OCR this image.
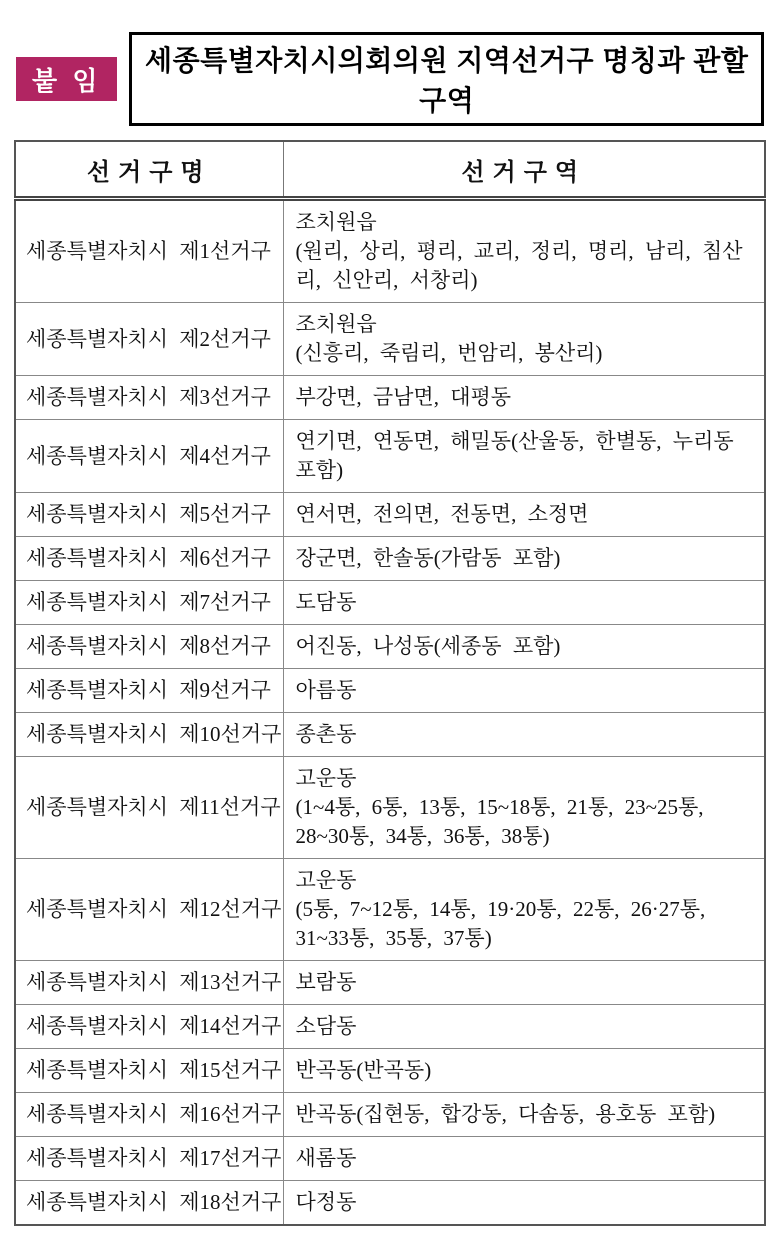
붙 임
세종특별자치시의회의원 지역선거구 명칭과 관할구역
선거구명	선거구역
세종특별자치시 제1선거구	조치원읍
(원리, 상리, 평리, 교리, 정리, 명리, 남리, 침산리, 신안리, 서창리)

세종특별자치시 제2선거구	조치원읍
(신흥리, 죽림리, 번암리, 봉산리)

세종특별자치시 제3선거구	부강면, 금남면, 대평동

세종특별자치시 제4선거구	연기면, 연동면, 해밀동(산울동, 한별동, 누리동 포함)

세종특별자치시 제5선거구	연서면, 전의면, 전동면, 소정면

세종특별자치시 제6선거구	장군면, 한솔동(가람동 포함)

세종특별자치시 제7선거구	도담동

세종특별자치시 제8선거구	어진동, 나성동(세종동 포함)

세종특별자치시 제9선거구	아름동

세종특별자치시 제10선거구	종촌동

세종특별자치시 제11선거구	고운동
(1~4통, 6통, 13통, 15~18통, 21통, 23~25통, 28~30통, 34통, 36통, 38통)

세종특별자치시 제12선거구	고운동
(5통, 7~12통, 14통, 19·20통, 22통, 26·27통, 31~33통, 35통, 37통)

세종특별자치시 제13선거구	보람동

세종특별자치시 제14선거구	소담동

세종특별자치시 제15선거구	반곡동(반곡동)

세종특별자치시 제16선거구	반곡동(집현동, 합강동, 다솜동, 용호동 포함)

세종특별자치시 제17선거구	새롬동

세종특별자치시 제18선거구	다정동
